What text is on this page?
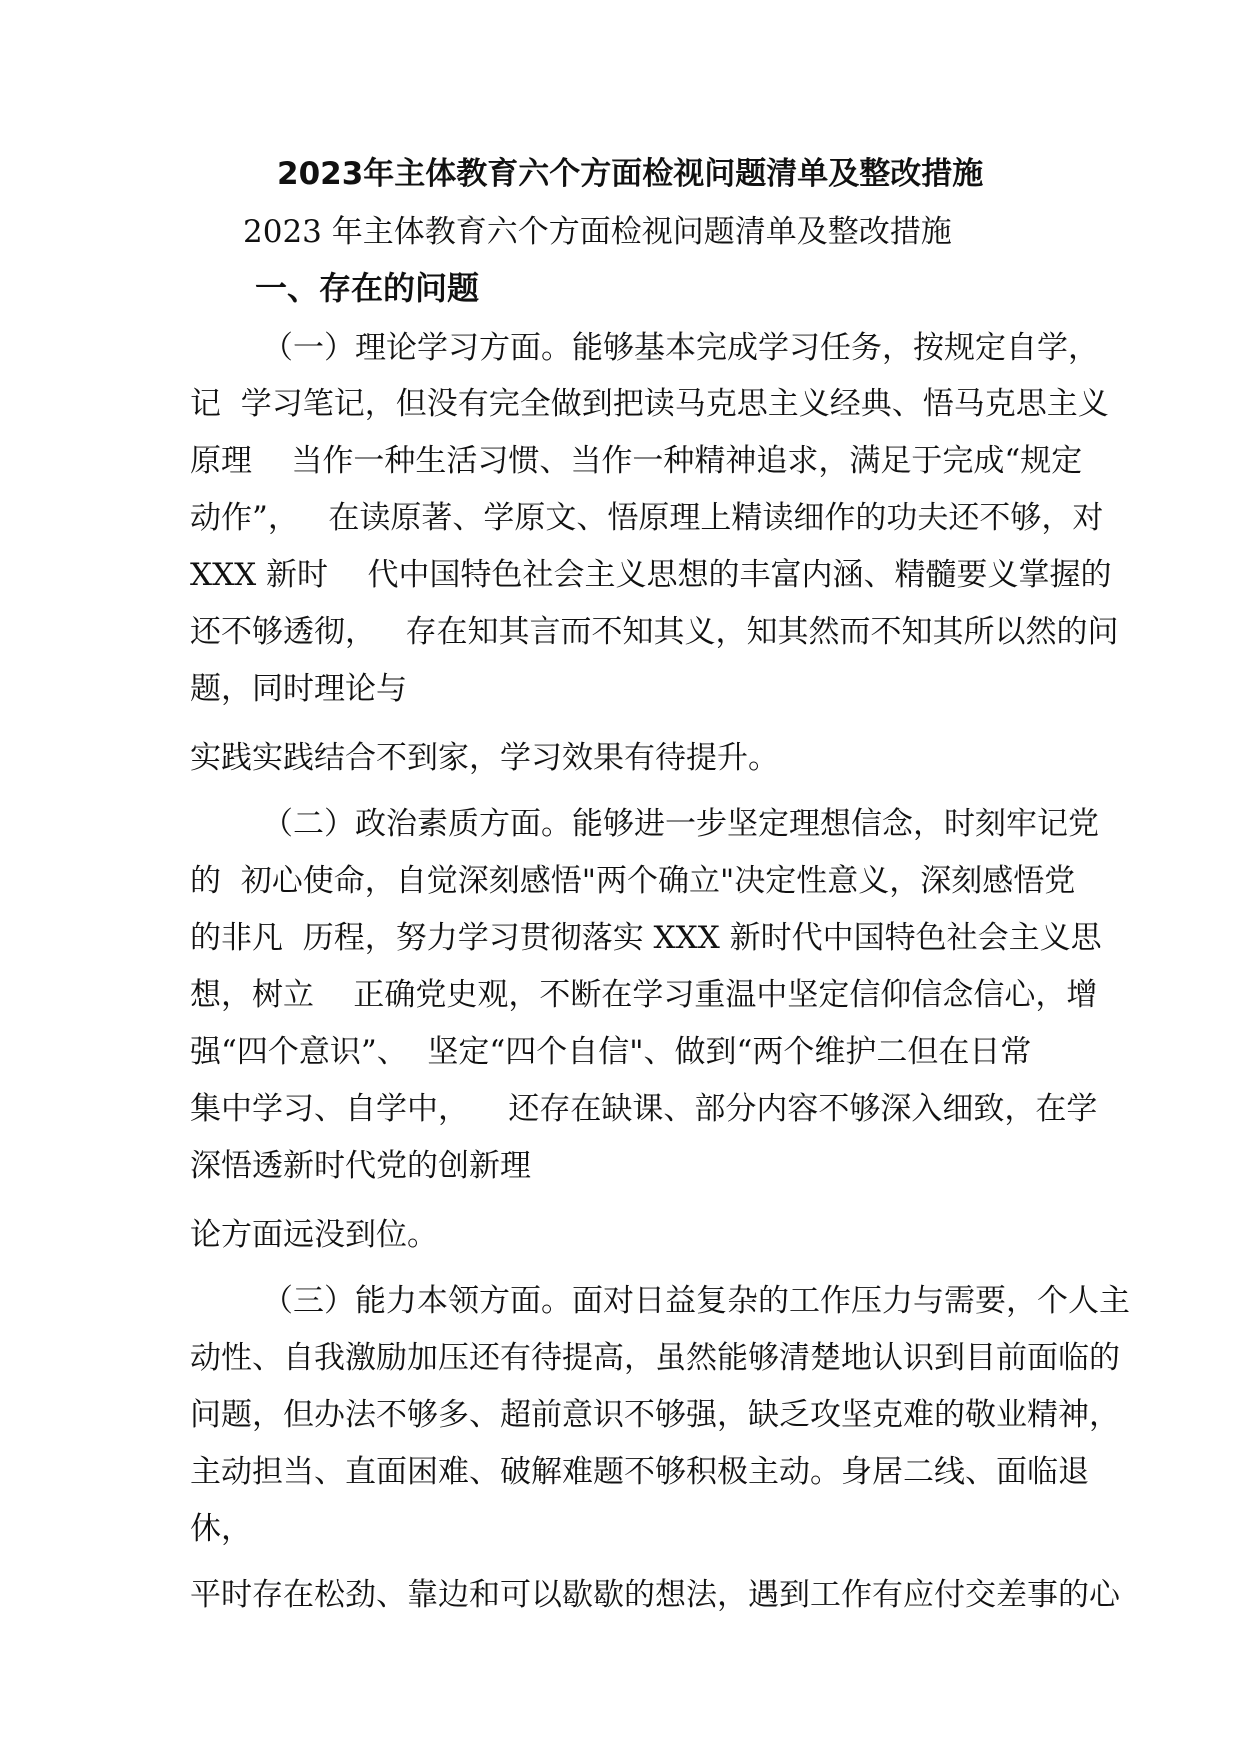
2023年主体教育六个方面检视问题清单及整改措施
2023 年主体教育六个方面检视问题清单及整改措施
一、存在的问题

（一）理论学习方面。能够基本完成学习任务，按规定自学，

记  学习笔记，但没有完全做到把读马克思主义经典、悟马克思主义

原理    当作一种生活习惯、当作一种精神追求，满足于完成“规定

动作”，   在读原著、学原文、悟原理上精读细作的功夫还不够，对

XXX 新时    代中国特色社会主义思想的丰富内涵、精髓要义掌握的

还不够透彻，   存在知其言而不知其义，知其然而不知其所以然的问

题，同时理论与

实践实践结合不到家，学习效果有待提升。

（二）政治素质方面。能够进一步坚定理想信念，时刻牢记党

的  初心使命，自觉深刻感悟"两个确立"决定性意义，深刻感悟党

的非凡  历程，努力学习贯彻落实 XXX 新时代中国特色社会主义思

想，树立    正确党史观，不断在学习重温中坚定信仰信念信心，增

强“四个意识”、  坚定“四个自信"、做到“两个维护二但在日常

集中学习、自学中，    还存在缺课、部分内容不够深入细致，在学

深悟透新时代党的创新理

论方面远没到位。

（三）能力本领方面。面对日益复杂的工作压力与需要，个人主

动性、自我激励加压还有待提高，虽然能够清楚地认识到目前面临的

问题，但办法不够多、超前意识不够强，缺乏攻坚克难的敬业精神，

主动担当、直面困难、破解难题不够积极主动。身居二线、面临退

休，

平时存在松劲、靠边和可以歇歇的想法，遇到工作有应付交差事的心
